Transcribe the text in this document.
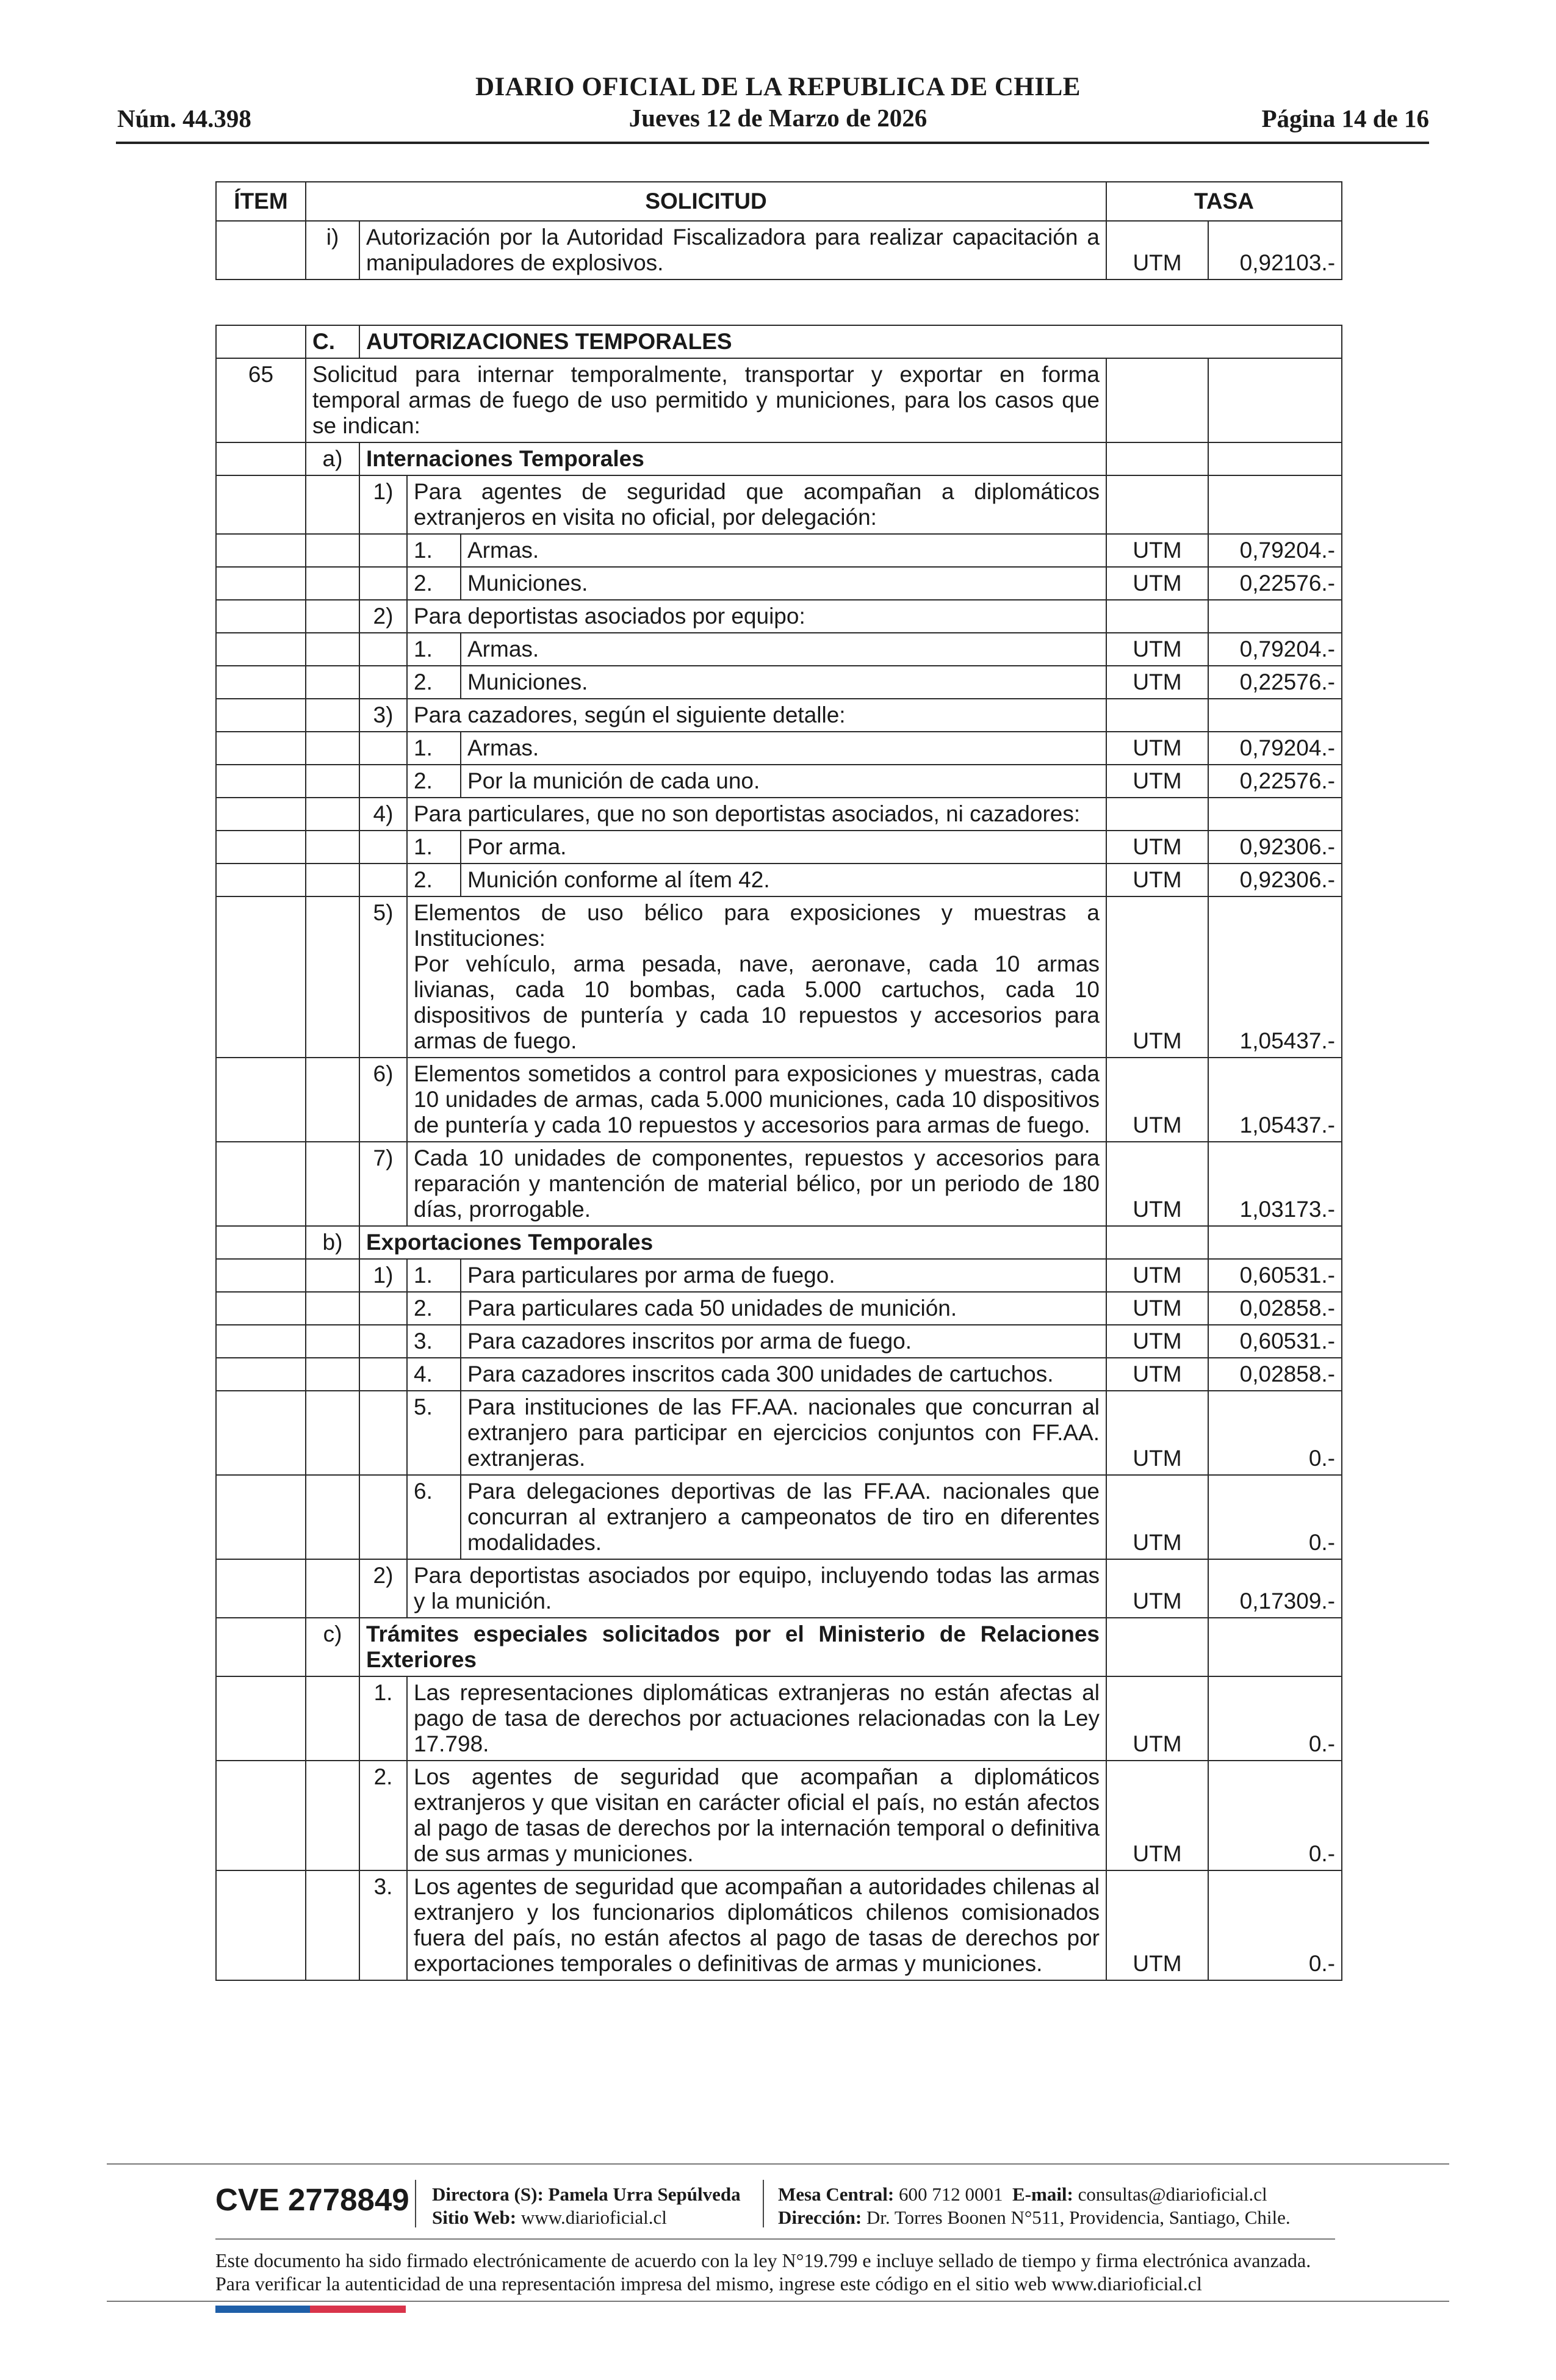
DIARIO OFICIAL DE LA REPUBLICA DE CHILE
Jueves 12 de Marzo de 2026
Núm. 44.398	Página 14 de 16
ÍTEM	SOLICITUD		TASA	
	i)	Autorización por la Autoridad Fiscalizadora para realizar capacitación a manipuladores de explosivos.	UTM	0,92103.-
	C.	AUTORIZACIONES TEMPORALES				
65	Solicitud para internar temporalmente, transportar y exportar en forma temporal armas de fuego de uso permitido y municiones, para los casos que se indican:					
	a)	Internaciones Temporales				
		1)	Para agentes de seguridad que acompañan a diplomáticos extranjeros en visita no oficial, por delegación:			
			1.	Armas.	UTM	0,79204.-
			2.	Municiones.	UTM	0,22576.-
		2)	Para deportistas asociados por equipo:			
			1.	Armas.	UTM	0,79204.-
			2.	Municiones.	UTM	0,22576.-
		3)	Para cazadores, según el siguiente detalle:			
			1.	Armas.	UTM	0,79204.-
			2.	Por la munición de cada uno.	UTM	0,22576.-
		4)	Para particulares, que no son deportistas asociados, ni cazadores:			
			1.	Por arma.	UTM	0,92306.-
			2.	Munición conforme al ítem 42.	UTM	0,92306.-
		5)	Elementos de uso bélico para exposiciones y muestras a Instituciones:
Por vehículo, arma pesada, nave, aeronave, cada 10 armas livianas, cada 10 bombas, cada 5.000 cartuchos, cada 10 dispositivos de puntería y cada 10 repuestos y accesorios para armas de fuego.		UTM	1,05437.-
		6)	Elementos sometidos a control para exposiciones y muestras, cada 10 unidades de armas, cada 5.000 municiones, cada 10 dispositivos de puntería y cada 10 repuestos y accesorios para armas de fuego.		UTM	1,05437.-
		7)	Cada 10 unidades de componentes, repuestos y accesorios para reparación y mantención de material bélico, por un periodo de 180 días, prorrogable.		UTM	1,03173.-
	b)	Exportaciones Temporales				
		1)	1.	Para particulares por arma de fuego.	UTM	0,60531.-
			2.	Para particulares cada 50 unidades de munición.	UTM	0,02858.-
			3.	Para cazadores inscritos por arma de fuego.	UTM	0,60531.-
			4.	Para cazadores inscritos cada 300 unidades de cartuchos.	UTM	0,02858.-
			5.	Para instituciones de las FF.AA. nacionales que concurran al extranjero para participar en ejercicios conjuntos con FF.AA. extranjeras.	UTM	0.-
			6.	Para delegaciones deportivas de las FF.AA. nacionales que concurran al extranjero a campeonatos de tiro en diferentes modalidades.	UTM	0.-
		2)	Para deportistas asociados por equipo, incluyendo todas las armas y la munición.		UTM	0,17309.-
	c)	Trámites especiales solicitados por el Ministerio de Relaciones Exteriores				
		1.	Las representaciones diplomáticas extranjeras no están afectas al pago de tasa de derechos por actuaciones relacionadas con la Ley 17.798.		UTM	0.-
		2.	Los agentes de seguridad que acompañan a diplomáticos extranjeros y que visitan en carácter oficial el país, no están afectos al pago de tasas de derechos por la internación temporal o definitiva de sus armas y municiones.		UTM	0.-
		3.	Los agentes de seguridad que acompañan a autoridades chilenas al extranjero y los funcionarios diplomáticos chilenos comisionados fuera del país, no están afectos al pago de tasas de derechos por exportaciones temporales o definitivas de armas y municiones.		UTM	0.-
CVE 2778849 Directora (S): Pamela Urra Sepúlveda
Sitio Web: www.diarioficial.cl
Mesa Central: 600 712 0001 E-mail: consultas@diarioficial.cl
Dirección: Dr. Torres Boonen N°511, Providencia, Santiago, Chile.
Este documento ha sido firmado electrónicamente de acuerdo con la ley N°19.799 e incluye sellado de tiempo y firma electrónica avanzada. Para verificar la autenticidad de una representación impresa del mismo, ingrese este código en el sitio web www.diarioficial.cl
